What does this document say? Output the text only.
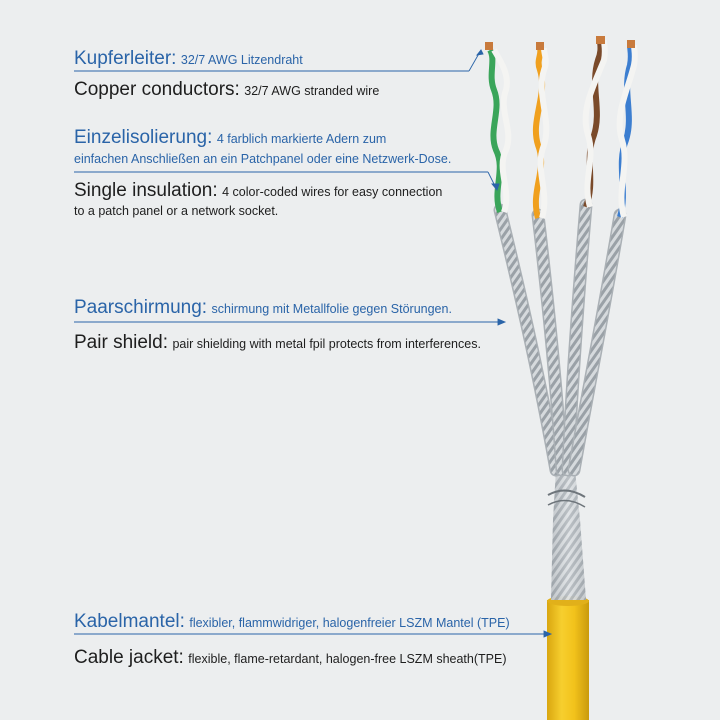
Kupferleiter: 32/7 AWG Litzendraht
Copper conductors: 32/7 AWG stranded wire
Einzelisolierung: 4 farblich markierte Adern zum
einfachen Anschließen an ein Patchpanel oder eine Netzwerk-Dose.
Single insulation: 4 color-coded wires for easy connection
to a patch panel or a network socket.
Paarschirmung: schirmung mit Metallfolie gegen Störungen.
Pair shield: pair shielding with metal fpil protects from interferences.
Kabelmantel: flexibler, flammwidriger, halogenfreier LSZM Mantel (TPE)
Cable jacket: flexible, flame-retardant, halogen-free LSZM sheath(TPE)
